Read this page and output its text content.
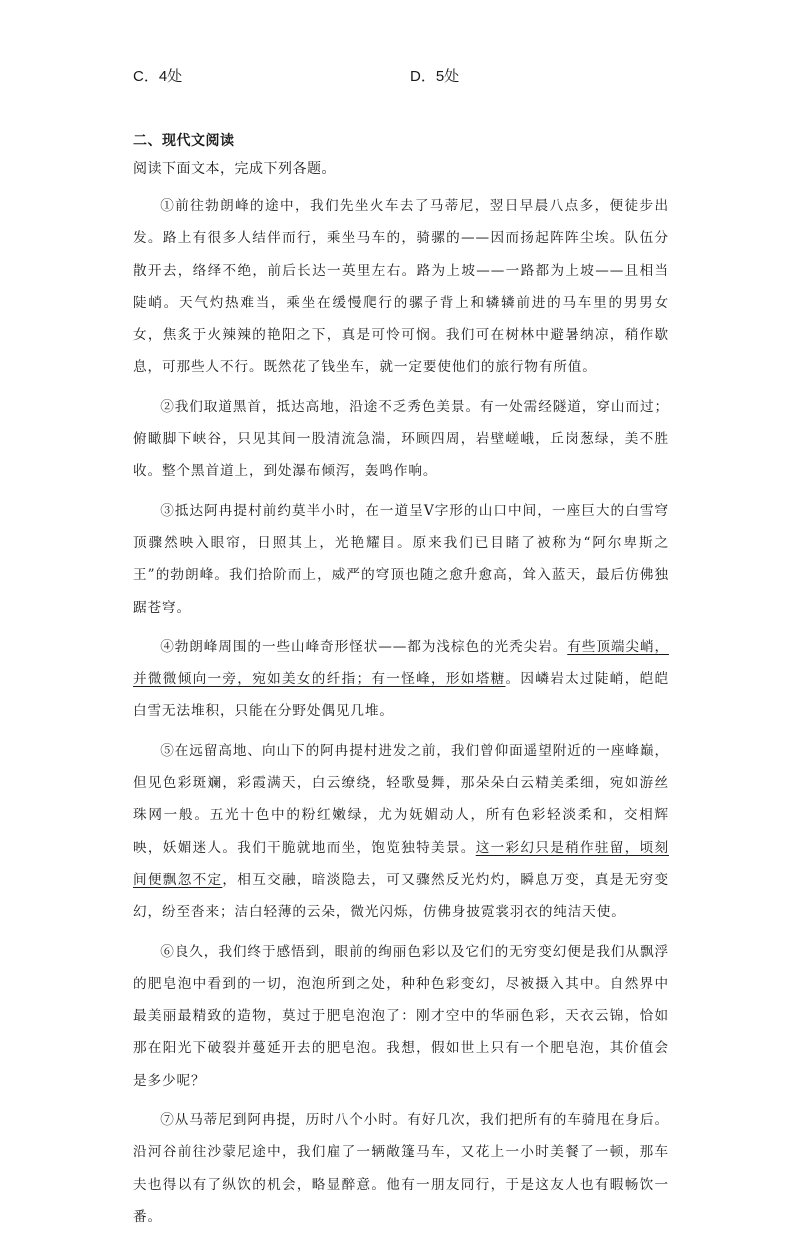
C．4处	D．5处
二、现代文阅读
阅读下面文本，完成下列各题。

①前往勃朗峰的途中，我们先坐火车去了马蒂尼，翌日早晨八点多，便徒步出发。路上有很多人结伴而行，乘坐马车的，骑骡的——因而扬起阵阵尘埃。队伍分散开去，络绎不绝，前后长达一英里左右。路为上坡——一路都为上坡——且相当陡峭。天气灼热难当，乘坐在缓慢爬行的骡子背上和辚辚前进的马车里的男男女女，焦炙于火辣辣的艳阳之下，真是可怜可悯。我们可在树林中避暑纳凉，稍作歇息，可那些人不行。既然花了钱坐车，就一定要使他们的旅行物有所值。

②我们取道黑首，抵达高地，沿途不乏秀色美景。有一处需经隧道，穿山而过；俯瞰脚下峡谷，只见其间一股清流急湍，环顾四周，岩壁嵯峨，丘岗葱绿，美不胜收。整个黑首道上，到处瀑布倾泻，轰鸣作响。

③抵达阿冉提村前约莫半小时，在一道呈V字形的山口中间，一座巨大的白雪穹顶骤然映入眼帘，日照其上，光艳耀目。原来我们已目睹了被称为“阿尔卑斯之王”的勃朗峰。我们拾阶而上，威严的穹顶也随之愈升愈高，耸入蓝天，最后仿佛独踞苍穹。

④勃朗峰周围的一些山峰奇形怪状——都为浅棕色的光秃尖岩。有些顶端尖峭，并微微倾向一旁，宛如美女的纤指；有一怪峰，形如塔糖。因嶙岩太过陡峭，皑皑白雪无法堆积，只能在分野处偶见几堆。

⑤在远留高地、向山下的阿冉提村进发之前，我们曾仰面遥望附近的一座峰巅，但见色彩斑斓，彩霞满天，白云缭绕，轻歌曼舞，那朵朵白云精美柔细，宛如游丝珠网一般。五光十色中的粉红嫩绿，尤为妩媚动人，所有色彩轻淡柔和，交相辉映，妖媚迷人。我们干脆就地而坐，饱览独特美景。这一彩幻只是稍作驻留，顷刻间便飘忽不定，相互交融，暗淡隐去，可又骤然反光灼灼，瞬息万变，真是无穷变幻，纷至沓来；洁白轻薄的云朵，微光闪烁，仿佛身披霓裳羽衣的纯洁天使。

⑥良久，我们终于感悟到，眼前的绚丽色彩以及它们的无穷变幻便是我们从飘浮的肥皂泡中看到的一切，泡泡所到之处，种种色彩变幻，尽被摄入其中。自然界中最美丽最精致的造物，莫过于肥皂泡泡了：刚才空中的华丽色彩，天衣云锦，恰如那在阳光下破裂并蔓延开去的肥皂泡。我想，假如世上只有一个肥皂泡，其价值会是多少呢？

⑦从马蒂尼到阿冉提，历时八个小时。有好几次，我们把所有的车骑甩在身后。沿河谷前往沙蒙尼途中，我们雇了一辆敞篷马车，又花上一小时美餐了一顿，那车夫也得以有了纵饮的机会，略显醉意。他有一朋友同行，于是这友人也有暇畅饮一番。
